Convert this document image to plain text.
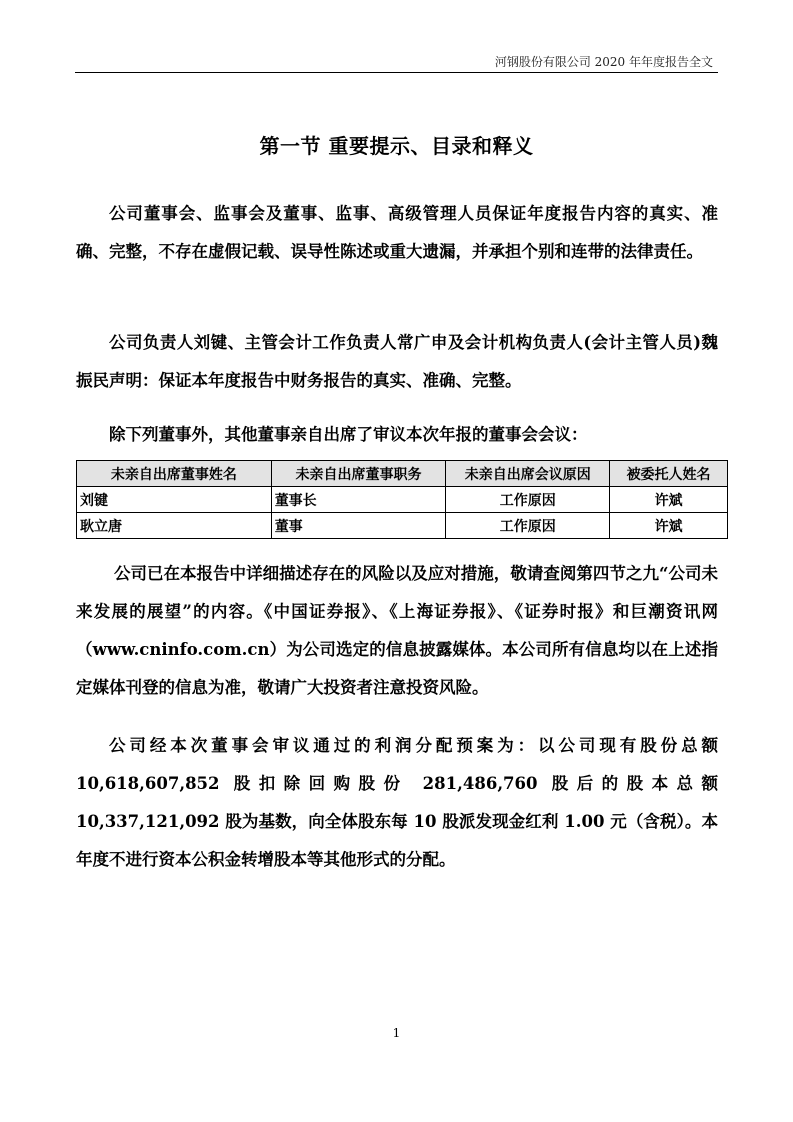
河钢股份有限公司 2020 年年度报告全文
第一节 重要提示、目录和释义

公司董事会、监事会及董事、监事、高级管理人员保证年度报告内容的真实、准确、完整，不存在虚假记载、误导性陈述或重大遗漏，并承担个别和连带的法律责任。

公司负责人刘键、主管会计工作负责人常广申及会计机构负责人(会计主管人员)魏振民声明：保证本年度报告中财务报告的真实、准确、完整。

除下列董事外，其他董事亲自出席了审议本次年报的董事会会议：

未亲自出席董事姓名	未亲自出席董事职务	未亲自出席会议原因	被委托人姓名
刘键	董事长	工作原因	许斌
耿立唐	董事	工作原因	许斌

公司已在本报告中详细描述存在的风险以及应对措施，敬请查阅第四节之九“公司未来发展的展望”的内容。《中国证券报》、《上海证券报》、《证券时报》和巨潮资讯网（www.cninfo.com.cn）为公司选定的信息披露媒体。本公司所有信息均以在上述指定媒体刊登的信息为准，敬请广大投资者注意投资风险。

公司经本次董事会审议通过的利润分配预案为：以公司现有股份总额10,618,607,852 股扣除回购股份 281,486,760 股后的股本总额 10,337,121,092 股为基数，向全体股东每 10 股派发现金红利 1.00 元（含税）。本年度不进行资本公积金转增股本等其他形式的分配。

1
